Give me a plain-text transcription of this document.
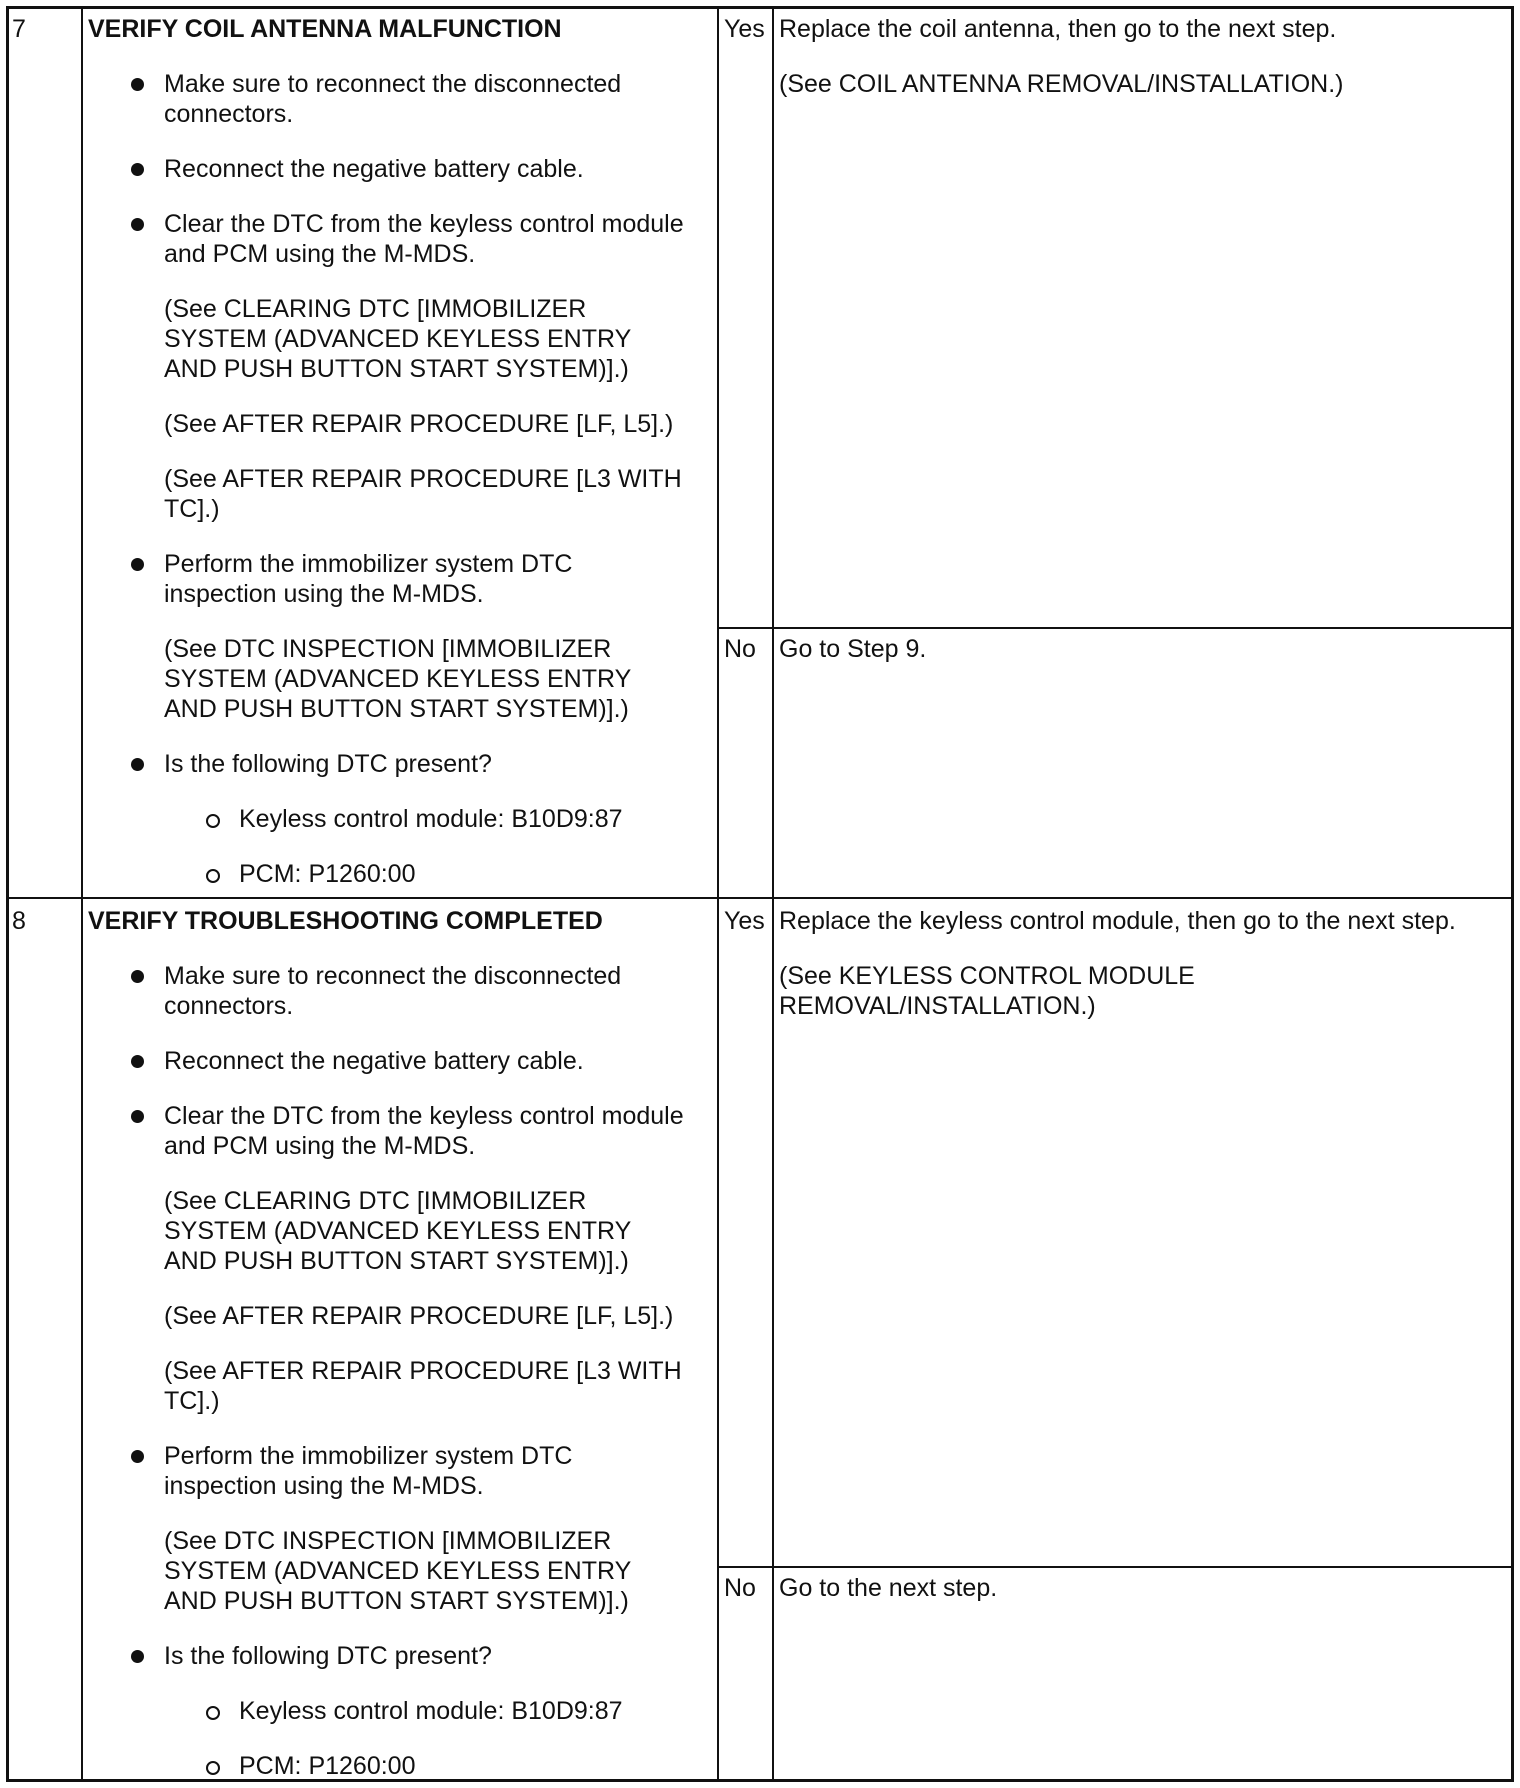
7 VERIFY COIL ANTENNA MALFUNCTION
Make sure to reconnect the disconnected
connectors.
Reconnect the negative battery cable.
Clear the DTC from the keyless control module
and PCM using the M-MDS.
(See CLEARING DTC [IMMOBILIZER
SYSTEM (ADVANCED KEYLESS ENTRY
AND PUSH BUTTON START SYSTEM)].)
(See AFTER REPAIR PROCEDURE [LF, L5].)
(See AFTER REPAIR PROCEDURE [L3 WITH
TC].)
Perform the immobilizer system DTC
inspection using the M-MDS.
(See DTC INSPECTION [IMMOBILIZER
SYSTEM (ADVANCED KEYLESS ENTRY
AND PUSH BUTTON START SYSTEM)].)
Is the following DTC present?
Keyless control module: B10D9:87
PCM: P1260:00
Yes Replace the coil antenna, then go to the next step.
(See COIL ANTENNA REMOVAL/INSTALLATION.)
No Go to Step 9.
8 VERIFY TROUBLESHOOTING COMPLETED
Make sure to reconnect the disconnected
connectors.
Reconnect the negative battery cable.
Clear the DTC from the keyless control module
and PCM using the M-MDS.
(See CLEARING DTC [IMMOBILIZER
SYSTEM (ADVANCED KEYLESS ENTRY
AND PUSH BUTTON START SYSTEM)].)
(See AFTER REPAIR PROCEDURE [LF, L5].)
(See AFTER REPAIR PROCEDURE [L3 WITH
TC].)
Perform the immobilizer system DTC
inspection using the M-MDS.
(See DTC INSPECTION [IMMOBILIZER
SYSTEM (ADVANCED KEYLESS ENTRY
AND PUSH BUTTON START SYSTEM)].)
Is the following DTC present?
Keyless control module: B10D9:87
PCM: P1260:00
Yes Replace the keyless control module, then go to the next step.
(See KEYLESS CONTROL MODULE
REMOVAL/INSTALLATION.)
No Go to the next step.
